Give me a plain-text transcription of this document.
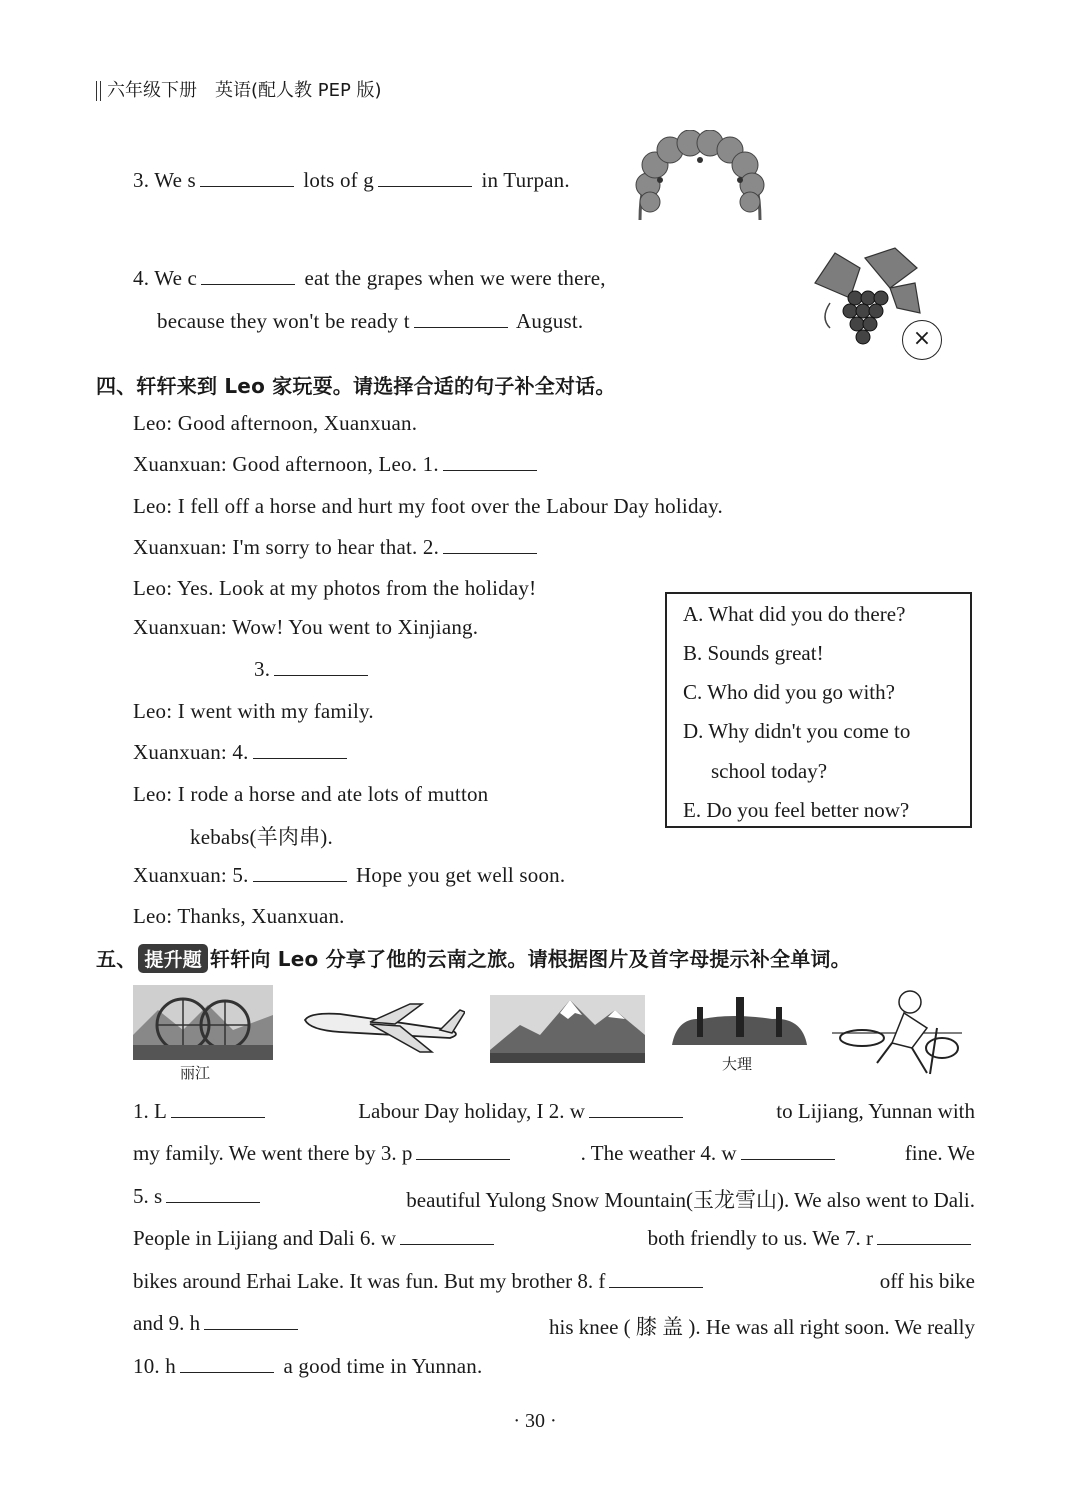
六年级下册　英语(配人教 PEP 版)
3. We s	lots of g	in Turpan.
4. We c	eat the grapes when we were there,
because they won't be ready t	August.
×
四、轩轩来到 Leo 家玩耍。请选择合适的句子补全对话。
Leo: Good afternoon, Xuanxuan.
Xuanxuan: Good afternoon, Leo. 1.
Leo: I fell off a horse and hurt my foot over the Labour Day holiday.
Xuanxuan: I'm sorry to hear that. 2.
Leo: Yes. Look at my photos from the holiday!
Xuanxuan: Wow! You went to Xinjiang.
3.
Leo: I went with my family.
Xuanxuan: 4.
Leo: I rode a horse and ate lots of mutton
kebabs(羊肉串).
Xuanxuan: 5.	Hope you get well soon.
Leo: Thanks, Xuanxuan.
A. What did you do there?
B. Sounds great!
C. Who did you go with?
D. Why didn't you come to
school today?
E. Do you feel better now?
五、 提升题 轩轩向 Leo 分享了他的云南之旅。请根据图片及首字母提示补全单词。
丽江	大理
1. L	Labour Day holiday, I 2. w	to Lijiang, Yunnan with
my family. We went there by 3. p	. The weather 4. w	fine. We
5. s	beautiful Yulong Snow Mountain(玉龙雪山). We also went to Dali.
People in Lijiang and Dali 6. w	both friendly to us. We 7. r
bikes around Erhai Lake. It was fun. But my brother 8. f	off his bike
and 9. h	his knee ( 膝 盖 ). He was all right soon. We really
10. h	a good time in Yunnan.
· 30 ·
